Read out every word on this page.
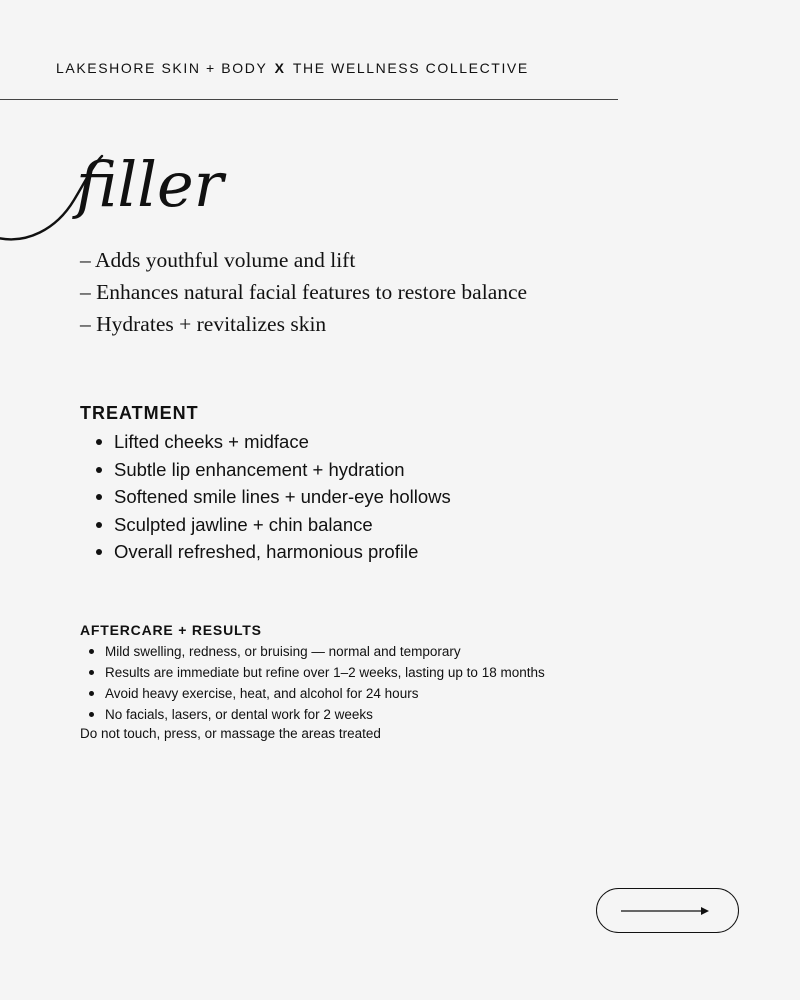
LAKESHORE SKIN + BODY X THE WELLNESS COLLECTIVE
filler
– Adds youthful volume and lift
– Enhances natural facial features to restore balance
– Hydrates + revitalizes skin
TREATMENT
Lifted cheeks + midface
Subtle lip enhancement + hydration
Softened smile lines + under-eye hollows
Sculpted jawline + chin balance
Overall refreshed, harmonious profile
AFTERCARE + RESULTS
Mild swelling, redness, or bruising — normal and temporary
Results are immediate but refine over 1–2 weeks, lasting up to 18 months
Avoid heavy exercise, heat, and alcohol for 24 hours
No facials, lasers, or dental work for 2 weeks
Do not touch, press, or massage the areas treated
